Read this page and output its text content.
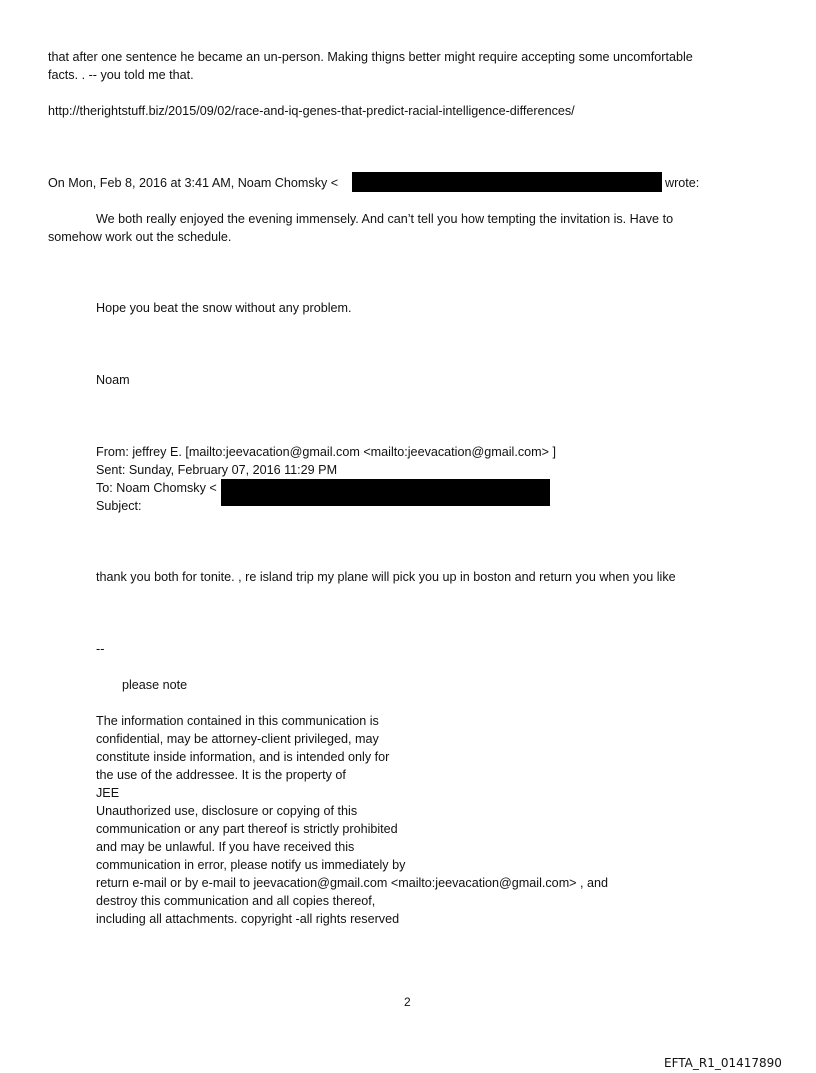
that after one sentence he became an un-person. Making thigns better might require accepting some uncomfortable
facts. . -- you told me that.
http://therightstuff.biz/2015/09/02/race-and-iq-genes-that-predict-racial-intelligence-differences/
On Mon, Feb 8, 2016 at 3:41 AM, Noam Chomsky <	wrote:
We both really enjoyed the evening immensely. And can’t tell you how tempting the invitation is. Have to
somehow work out the schedule.
Hope you beat the snow without any problem.
Noam
From: jeffrey E. [mailto:jeevacation@gmail.com <mailto:jeevacation@gmail.com> ]
Sent: Sunday, February 07, 2016 11:29 PM
To: Noam Chomsky <
Subject:
thank you both for tonite. , re island trip my plane will pick you up in boston and return you when you like
--
please note
The information contained in this communication is
confidential, may be attorney-client privileged, may
constitute inside information, and is intended only for
the use of the addressee. It is the property of
JEE
Unauthorized use, disclosure or copying of this
communication or any part thereof is strictly prohibited
and may be unlawful. If you have received this
communication in error, please notify us immediately by
return e-mail or by e-mail to jeevacation@gmail.com <mailto:jeevacation@gmail.com> , and
destroy this communication and all copies thereof,
including all attachments. copyright -all rights reserved
2
EFTA_R1_01417890
